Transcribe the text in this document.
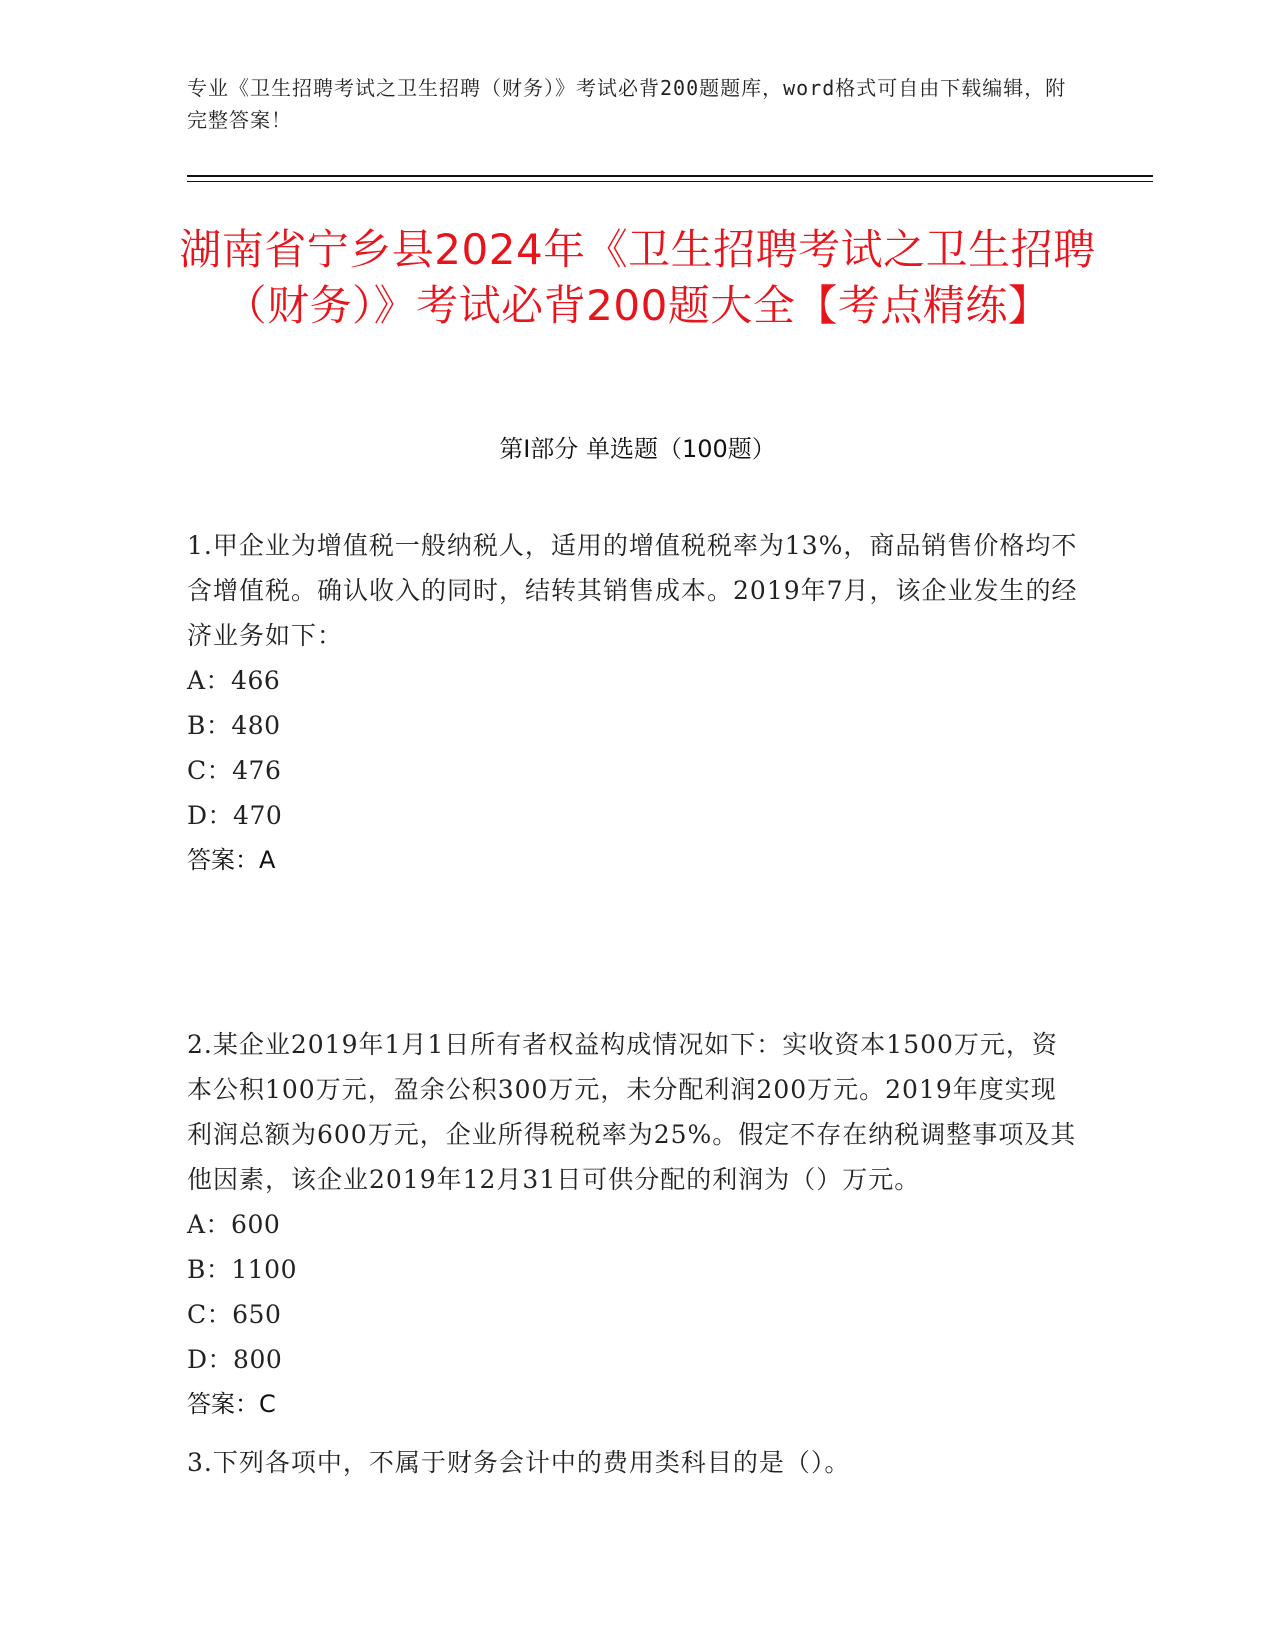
专业《卫生招聘考试之卫生招聘（财务）》考试必背200题题库，word格式可自由下载编辑，附完整答案！
湖南省宁乡县2024年《卫生招聘考试之卫生招聘（财务）》考试必背200题大全【考点精练】
第Ⅰ部分 单选题（100题）

1.甲企业为增值税一般纳税人，适用的增值税税率为13%，商品销售价格均不含增值税。确认收入的同时，结转其销售成本。2019年7月，该企业发生的经济业务如下：

A：466

B：480

C：476

D：470

答案：A

2.某企业2019年1月1日所有者权益构成情况如下：实收资本1500万元，资本公积100万元，盈余公积300万元，未分配利润200万元。2019年度实现利润总额为600万元，企业所得税税率为25%。假定不存在纳税调整事项及其他因素，该企业2019年12月31日可供分配的利润为（）万元。

A：600

B：1100

C：650

D：800

答案：C

3.下列各项中，不属于财务会计中的费用类科目的是（）。
